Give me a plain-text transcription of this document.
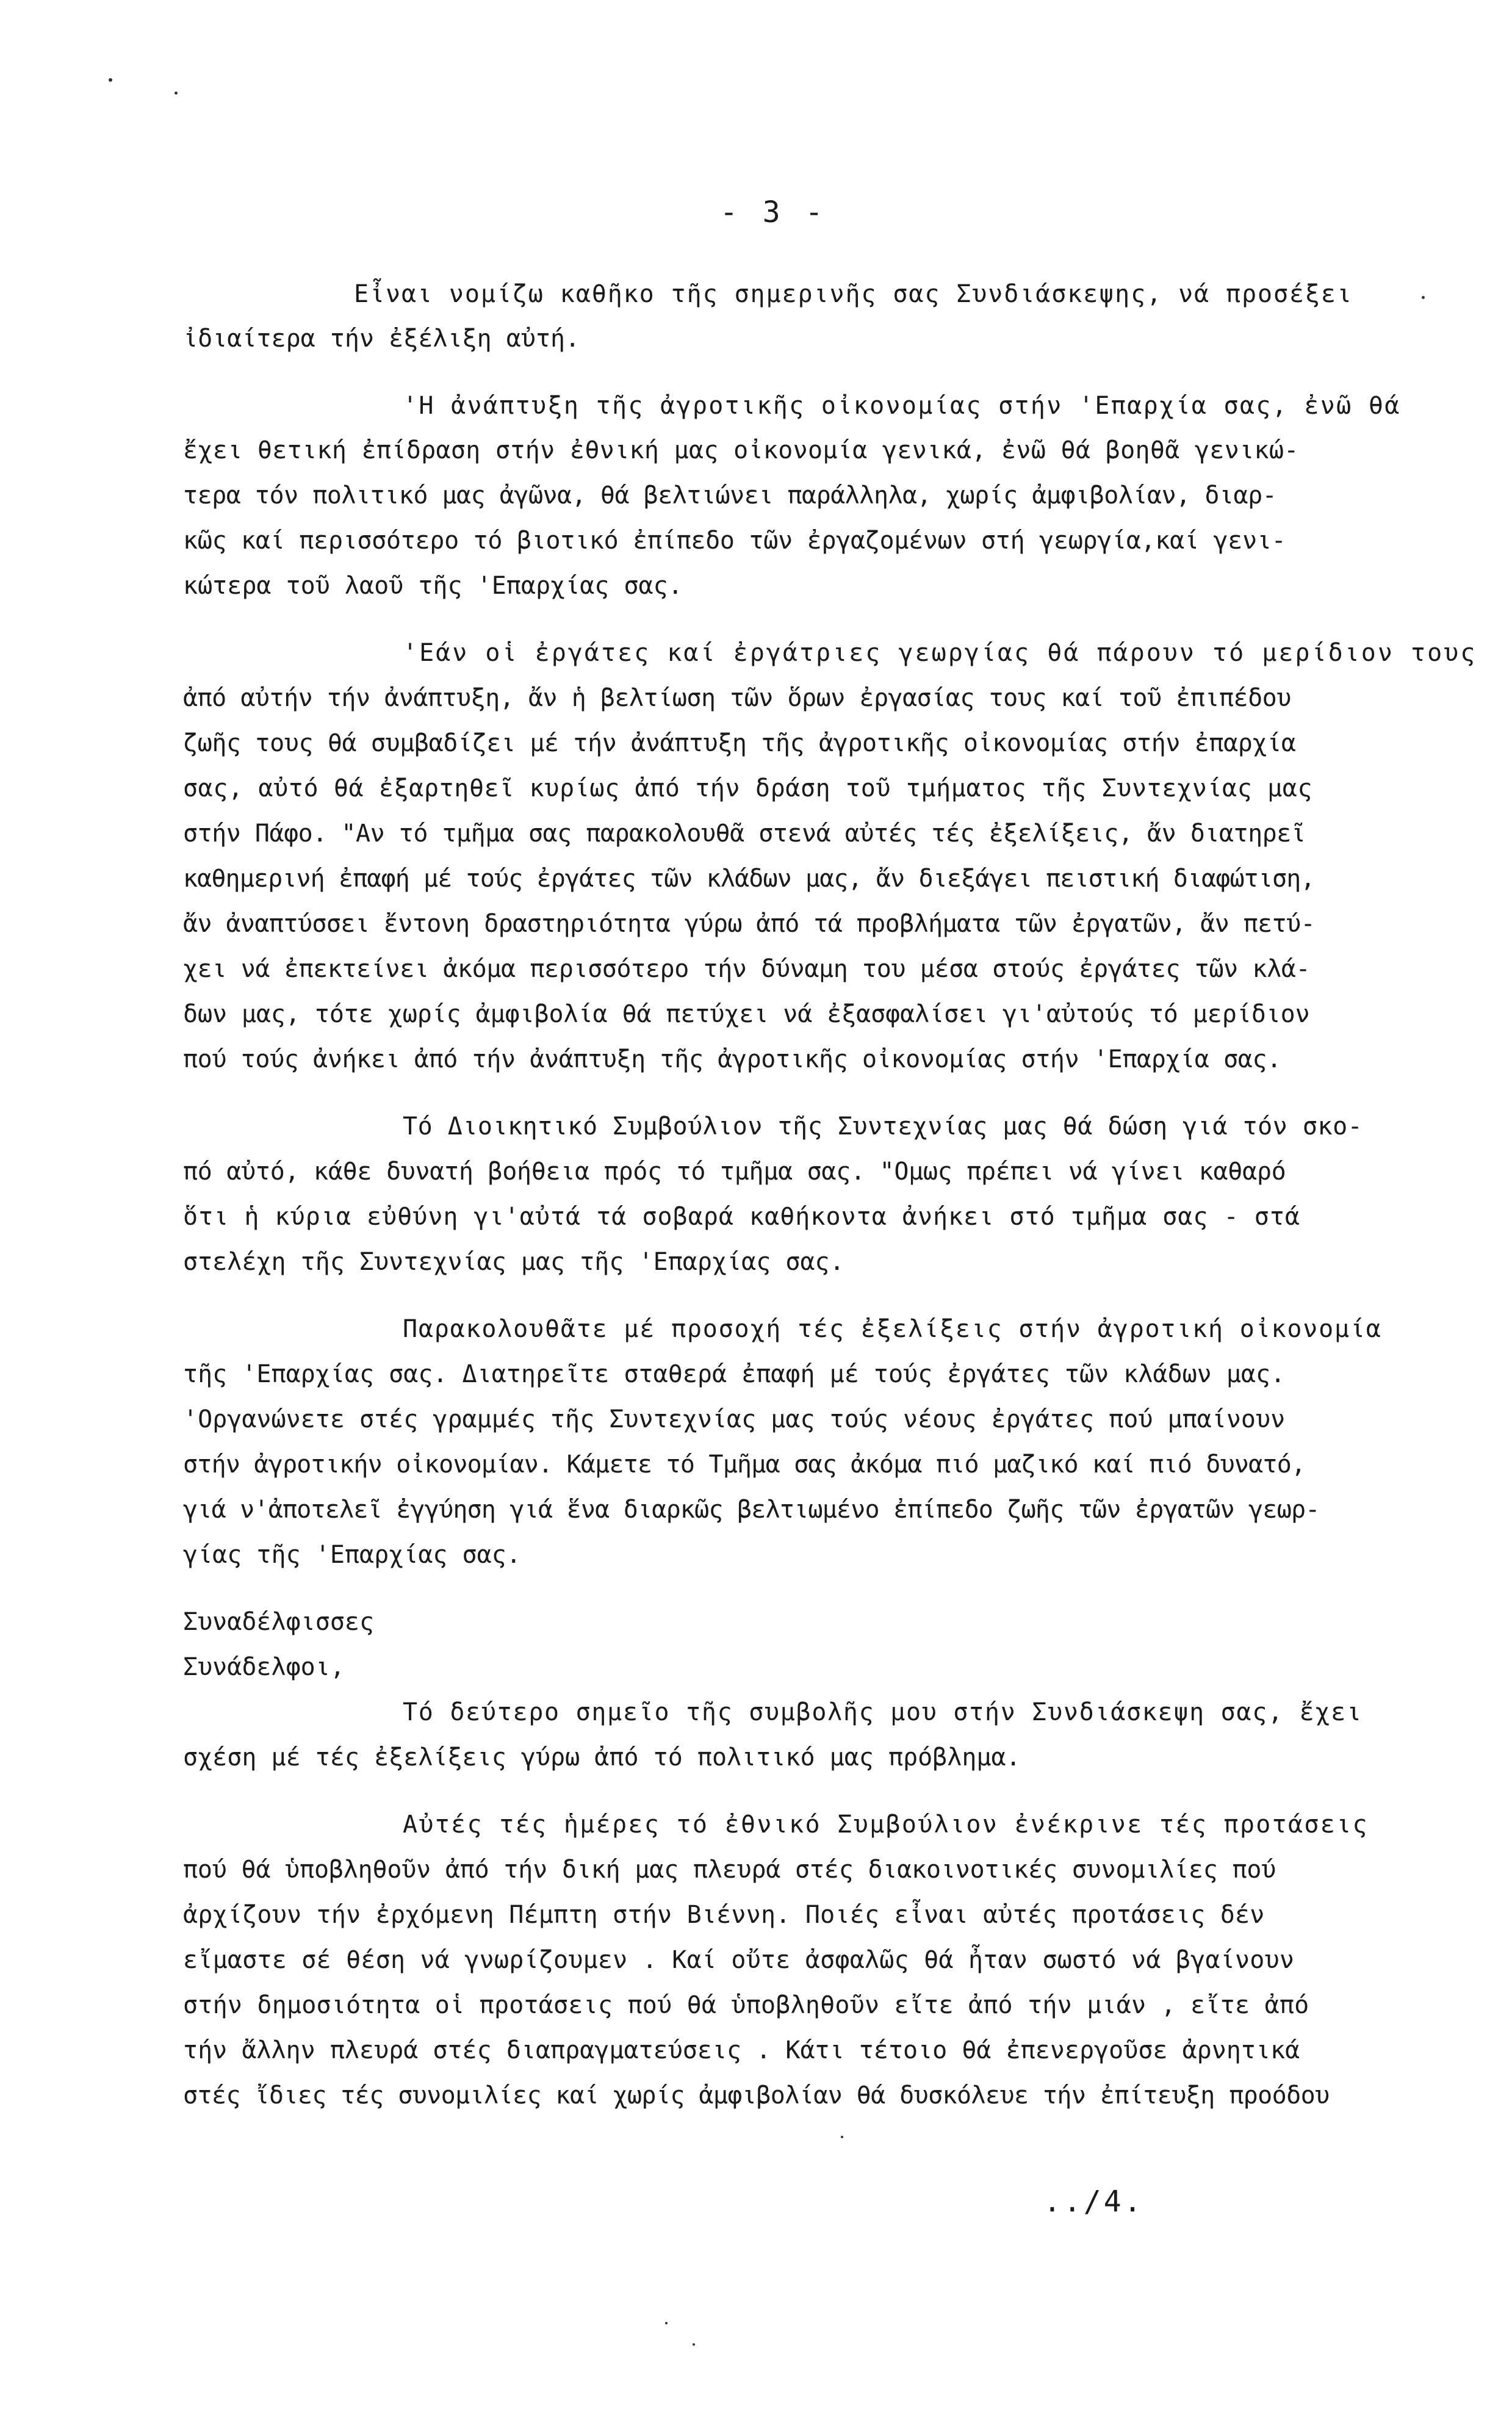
- 3 -
Εἶναι νομίζω καθῆκο τῆς σημερινῆς σας Συνδιάσκεψης, νά προσέξει
ἰδιαίτερα τήν ἐξέλιξη αὐτή.
'Η ἀνάπτυξη τῆς ἀγροτικῆς οἰκονομίας στήν 'Επαρχία σας, ἐνῶ θά
ἔχει θετική ἐπίδραση στήν ἐθνική μας οἰκονομία γενικά, ἐνῶ θά βοηθᾶ γενικώ-
τερα τόν πολιτικό μας ἀγῶνα, θά βελτιώνει παράλληλα, χωρίς ἀμφιβολίαν, διαρ-
κῶς καί περισσότερο τό βιοτικό ἐπίπεδο τῶν ἐργαζομένων στή γεωργία,καί γενι-
κώτερα τοῦ λαοῦ τῆς 'Επαρχίας σας.
'Εάν οἱ ἐργάτες καί ἐργάτριες γεωργίας θά πάρουν τό μερίδιον τους
ἀπό αὐτήν τήν ἀνάπτυξη, ἄν ἡ βελτίωση τῶν ὅρων ἐργασίας τους καί τοῦ ἐπιπέδου
ζωῆς τους θά συμβαδίζει μέ τήν ἀνάπτυξη τῆς ἀγροτικῆς οἰκονομίας στήν ἐπαρχία
σας, αὐτό θά ἐξαρτηθεῖ κυρίως ἀπό τήν δράση τοῦ τμήματος τῆς Συντεχνίας μας
στήν Πάφο. "Αν τό τμῆμα σας παρακολουθᾶ στενά αὐτές τές ἐξελίξεις, ἄν διατηρεῖ
καθημερινή ἐπαφή μέ τούς ἐργάτες τῶν κλάδων μας, ἄν διεξάγει πειστική διαφώτιση,
ἄν ἀναπτύσσει ἔντονη δραστηριότητα γύρω ἀπό τά προβλήματα τῶν ἐργατῶν, ἄν πετύ-
χει νά ἐπεκτείνει ἀκόμα περισσότερο τήν δύναμη του μέσα στούς ἐργάτες τῶν κλά-
δων μας, τότε χωρίς ἀμφιβολία θά πετύχει νά ἐξασφαλίσει γι'αὐτούς τό μερίδιον
πού τούς ἀνήκει ἀπό τήν ἀνάπτυξη τῆς ἀγροτικῆς οἰκονομίας στήν 'Επαρχία σας.
Τό Διοικητικό Συμβούλιον τῆς Συντεχνίας μας θά δώση γιά τόν σκο-
πό αὐτό, κάθε δυνατή βοήθεια πρός τό τμῆμα σας. "Ομως πρέπει νά γίνει καθαρό
ὅτι ἡ κύρια εὐθύνη γι'αὐτά τά σοβαρά καθήκοντα ἀνήκει στό τμῆμα σας - στά
στελέχη τῆς Συντεχνίας μας τῆς 'Επαρχίας σας.
Παρακολουθᾶτε μέ προσοχή τές ἐξελίξεις στήν ἀγροτική οἰκονομία
τῆς 'Επαρχίας σας. Διατηρεῖτε σταθερά ἐπαφή μέ τούς ἐργάτες τῶν κλάδων μας.
'Οργανώνετε στές γραμμές τῆς Συντεχνίας μας τούς νέους ἐργάτες πού μπαίνουν
στήν ἀγροτικήν οἰκονομίαν. Κάμετε τό Τμῆμα σας ἀκόμα πιό μαζικό καί πιό δυνατό,
γιά ν'ἀποτελεῖ ἐγγύηση γιά ἕνα διαρκῶς βελτιωμένο ἐπίπεδο ζωῆς τῶν ἐργατῶν γεωρ-
γίας τῆς 'Επαρχίας σας.
Συναδέλφισσες
Συνάδελφοι,
Τό δεύτερο σημεῖο τῆς συμβολῆς μου στήν Συνδιάσκεψη σας, ἔχει
σχέση μέ τές ἐξελίξεις γύρω ἀπό τό πολιτικό μας πρόβλημα.
Αὐτές τές ἡμέρες τό ἐθνικό Συμβούλιον ἐνέκρινε τές προτάσεις
πού θά ὑποβληθοῦν ἀπό τήν δική μας πλευρά στές διακοινοτικές συνομιλίες πού
ἀρχίζουν τήν ἐρχόμενη Πέμπτη στήν Βιέννη. Ποιές εἶναι αὐτές προτάσεις δέν
εἴμαστε σέ θέση νά γνωρίζουμεν . Καί οὔτε ἀσφαλῶς θά ἦταν σωστό νά βγαίνουν
στήν δημοσιότητα οἱ προτάσεις πού θά ὑποβληθοῦν εἴτε ἀπό τήν μιάν , εἴτε ἀπό
τήν ἄλλην πλευρά στές διαπραγματεύσεις . Κάτι τέτοιο θά ἐπενεργοῦσε ἀρνητικά
στές ἴδιες τές συνομιλίες καί χωρίς ἀμφιβολίαν θά δυσκόλευε τήν ἐπίτευξη προόδου
../4.
